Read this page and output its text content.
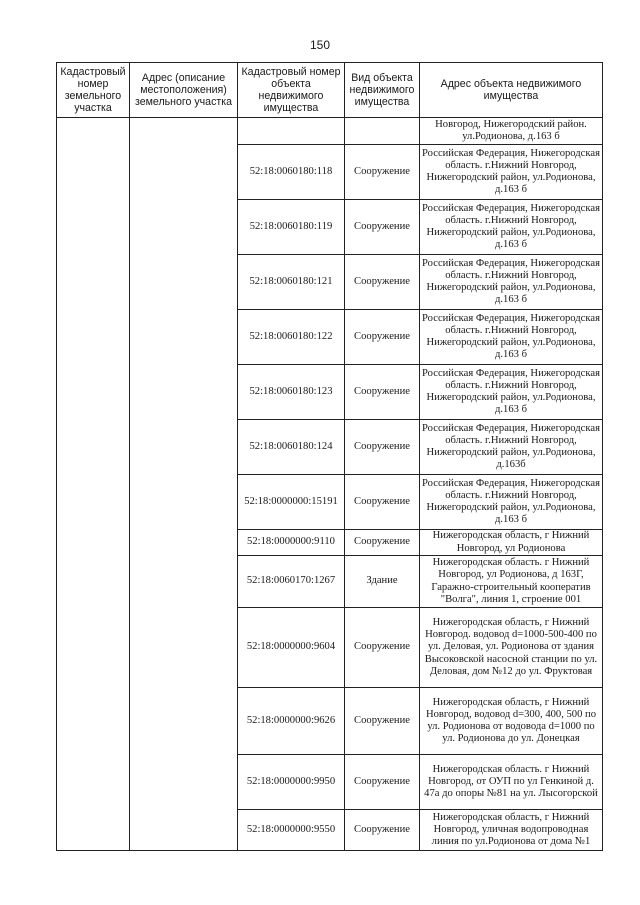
150
Кадастровый номер земельного участка	Адрес (описание местоположения) земельного участка	Кадастровый номер объекта недвижимого имущества	Вид объекта недвижимого имущества	Адрес объекта недвижимого имущества
				Новгород, Нижегородский район. ул.Родионова, д.163 б
		52:18:0060180:118	Сооружение	Российская Федерация, Нижегородская область. г.Нижний Новгород, Нижегородский район, ул.Родионова, д.163 б
		52:18:0060180:119	Сооружение	Российская Федерация, Нижегородская область. г.Нижний Новгород, Нижегородский район, ул.Родионова, д.163 б
		52:18:0060180:121	Сооружение	Российская Федерация, Нижегородская область. г.Нижний Новгород, Нижегородский район, ул.Родионова, д.163 б
		52:18:0060180:122	Сооружение	Российская Федерация, Нижегородская область. г.Нижний Новгород, Нижегородский район, ул.Родионова, д.163 б
		52:18:0060180:123	Сооружение	Российская Федерация, Нижегородская область. г.Нижний Новгород, Нижегородский район, ул.Родионова, д.163 б
		52:18:0060180:124	Сооружение	Российская Федерация, Нижегородская область. г.Нижний Новгород, Нижегородский район, ул.Родионова, д.163б
		52:18:0000000:15191	Сооружение	Российская Федерация, Нижегородская область. г.Нижний Новгород, Нижегородский район, ул.Родионова, д.163 б
		52:18:0000000:9110	Сооружение	Нижегородская область, г Нижний Новгород, ул Родионова
		52:18:0060170:1267	Здание	Нижегородская область. г Нижний Новгород, ул Родионова, д 163Г, Гаражно-строительный кооператив "Волга", линия 1, строение 001
		52:18:0000000:9604	Сооружение	Нижегородская область, г Нижний Новгород. водовод d=1000-500-400 по ул. Деловая, ул. Родионова от здания Высоковской насосной станции по ул. Деловая, дом №12 до ул. Фруктовая
		52:18:0000000:9626	Сооружение	Нижегородская область, г Нижний Новгород, водовод d=300, 400, 500 по ул. Родионова от водовода d=1000 по ул. Родионова до ул. Донецкая
		52:18:0000000:9950	Сооружение	Нижегородская область. г Нижний Новгород, от ОУП по ул Генкиной д. 47а до опоры №81 на ул. Лысогорской
		52:18:0000000:9550	Сооружение	Нижегородская область, г Нижний Новгород, уличная водопроводная линия по ул.Родионова от дома №1
